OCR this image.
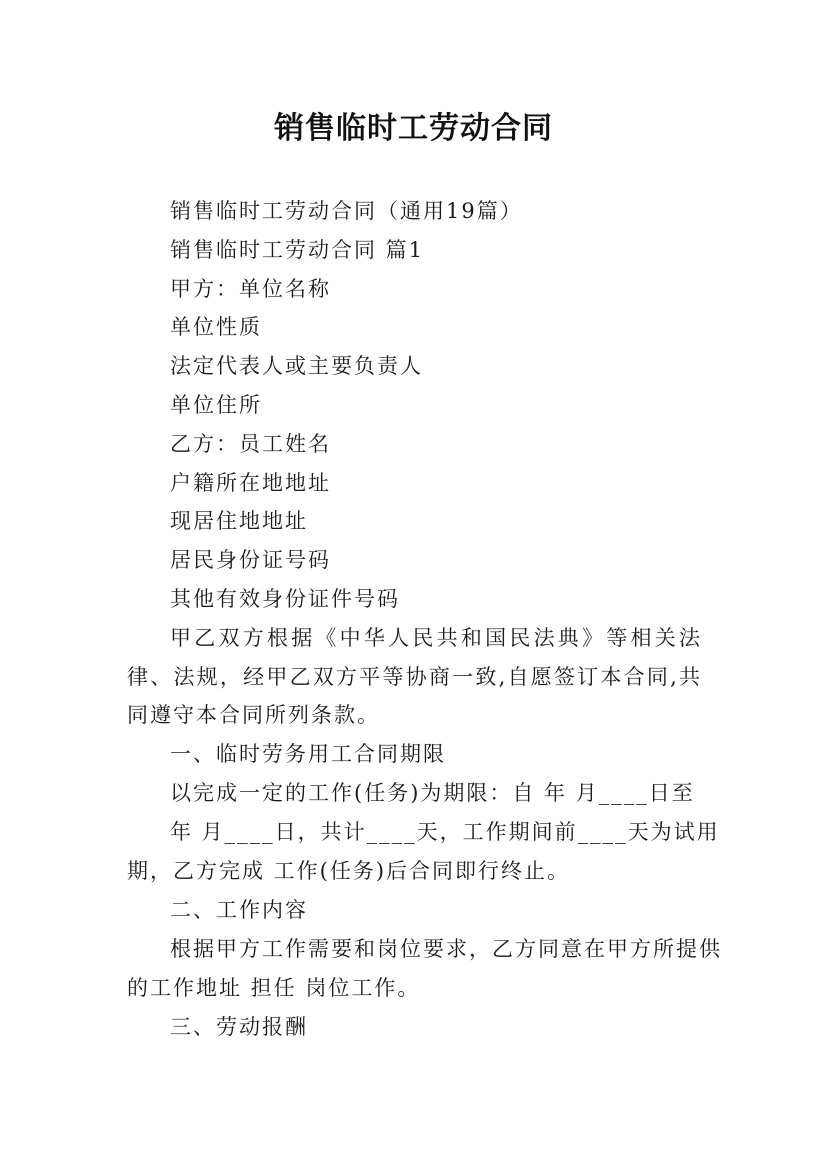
销售临时工劳动合同
销售临时工劳动合同（通用19篇）
销售临时工劳动合同 篇1
甲方：单位名称
单位性质
法定代表人或主要负责人
单位住所
乙方：员工姓名
户籍所在地地址
现居住地地址
居民身份证号码
其他有效身份证件号码
甲乙双方根据《中华人民共和国民法典》等相关法律、法规，经甲乙双方平等协商一致,自愿签订本合同,共同遵守本合同所列条款。
一、临时劳务用工合同期限
以完成一定的工作(任务)为期限：自 年 月____日至
年 月____日，共计____天，工作期间前____天为试用
期，乙方完成 工作(任务)后合同即行终止。
二、工作内容
根据甲方工作需要和岗位要求，乙方同意在甲方所提供
的工作地址 担任 岗位工作。
三、劳动报酬
